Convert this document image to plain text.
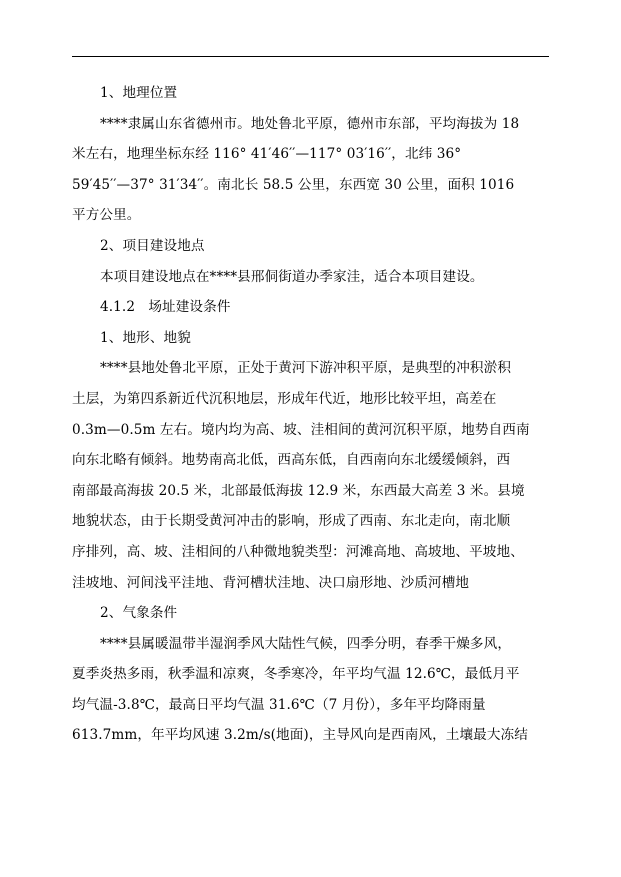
1、地理位置
****隶属山东省德州市。地处鲁北平原，德州市东部，平均海拔为 18
米左右，地理坐标东经 116° 41′46′′—117° 03′16′′，北纬 36°
59′45′′—37° 31′34′′。南北长 58.5 公里，东西宽 30 公里，面积 1016
平方公里。
2、项目建设地点
本项目建设地点在****县邢侗街道办季家洼，适合本项目建设。
4.1.2   场址建设条件
1、地形、地貌
****县地处鲁北平原，正处于黄河下游冲积平原，是典型的冲积淤积
土层，为第四系新近代沉积地层，形成年代近，地形比较平坦，高差在
0.3m—0.5m 左右。境内均为高、坡、洼相间的黄河沉积平原，地势自西南
向东北略有倾斜。地势南高北低，西高东低，自西南向东北缓缓倾斜，西
南部最高海拔 20.5 米，北部最低海拔 12.9 米，东西最大高差 3 米。县境
地貌状态，由于长期受黄河冲击的影响，形成了西南、东北走向，南北顺
序排列，高、坡、洼相间的八种微地貌类型：河滩高地、高坡地、平坡地、
洼坡地、河间浅平洼地、背河槽状洼地、决口扇形地、沙质河槽地
2、气象条件
****县属暖温带半湿润季风大陆性气候，四季分明，春季干燥多风，
夏季炎热多雨，秋季温和凉爽，冬季寒冷，年平均气温 12.6℃，最低月平
均气温-3.8℃，最高日平均气温 31.6℃（7 月份），多年平均降雨量
613.7mm，年平均风速 3.2m/s(地面)，主导风向是西南风，土壤最大冻结
